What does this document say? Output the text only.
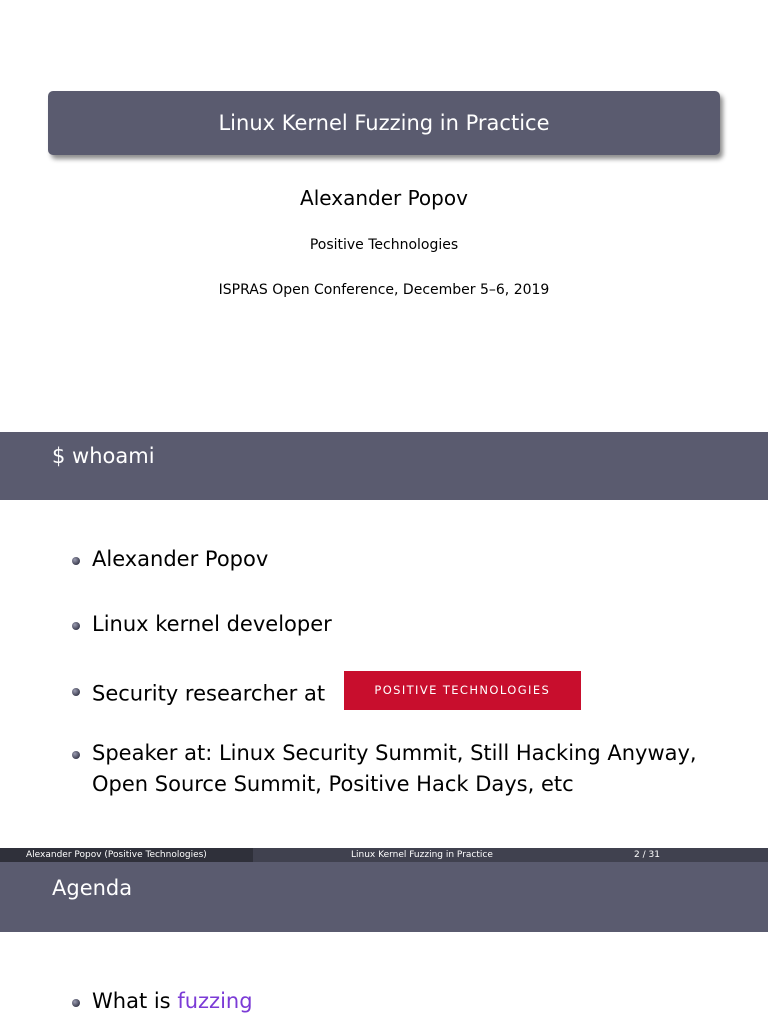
Linux Kernel Fuzzing in Practice
Alexander Popov
Positive Technologies
ISPRAS Open Conference, December 5–6, 2019
$ whoami
Alexander Popov
Linux kernel developer
Security researcher at	POSITIVE TECHNOLOGIES
Speaker at: Linux Security Summit, Still Hacking Anyway,
Open Source Summit, Positive Hack Days, etc
Alexander Popov (Positive Technologies)	Linux Kernel Fuzzing in Practice	2 / 31
Agenda
What is fuzzing
